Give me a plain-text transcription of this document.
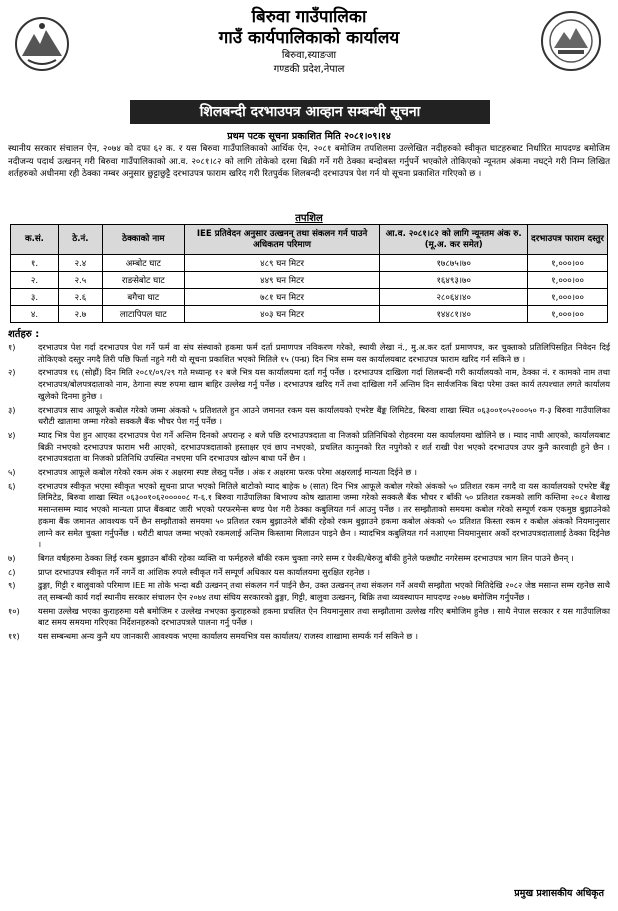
बिरुवा गाउँपालिका
गाउँ कार्यपालिकाको कार्यालय
बिरुवा,स्याङजा
गण्डकी प्रदेश,नेपाल
शिलबन्दी दरभाउपत्र आव्हान सम्बन्धी सूचना
प्रथम पटक सूचना प्रकाशित मिति २०८१।०९।१४
स्थानीय सरकार संचालन ऐन, २०७४ को दफा ६२ क. र यस बिरुवा गाउँपालिकाको आर्थिक ऐन, २०८१ बमोजिम तपशिलमा उल्लेखित नदीहरुको स्वीकृत घाटहरुबाट निर्धारित मापदण्ड बमोजिम नदीजन्य पदार्थ उत्खनन् गरी बिरुवा गाउँपालिकाको आ.व. २०८१।८२ को लागि तोकेको दरमा बिक्री गर्ने गरी ठेक्का बन्दोबस्त गर्नुपर्ने भएकोले तोकिएको न्यूनतम अंकमा नघट्ने गरी निम्न लिखित शर्तहरुको अधीनमा रही ठेक्का नम्बर अनुसार छुट्टाछुट्टै दरभाउपत्र फाराम खरिद गरी रितपुर्वक शिलबन्दी दरभाउपत्र पेश गर्न यो सूचना प्रकाशित गरिएको छ ।
तपशिल
क.सं.	ठे.नं.	ठेक्काको नाम	IEE प्रतिवेदन अनुसार उत्खनन् तथा संकलन गर्न पाउने अधिकतम परिमाण	आ.व. २०८१।८२ को लागि न्यूनतम अंक रु.(मू.अ. कर समेत)	दरभाउपत्र फाराम दस्तुर
१.	२.४	अम्बोट घाट	४८९ घन मिटर	१७८७५।७०	१,०००।००
२.	२.५	राङसेबोट घाट	४४९ घन मिटर	१६४९३।७०	१,०००।००
३.	२.६	बगैचा घाट	७८१ घन मिटर	२८०६४।४०	१,०००।००
४.	२.७	लाटापिपल घाट	४०३ घन मिटर	१४४८१।४०	१,०००।००
शर्तहरु :
१)	दरभाउपत्र पेश गर्दा दरभाउपत्र पेश गर्ने फर्म वा संघ संस्थाको हकमा फर्म दर्ता प्रमाणपत्र नविकरण गरेको, स्थायी लेखा नं., मु.अ.कर दर्ता प्रमाणपत्र, कर चुक्ताको प्रतिलिपिसहित निवेदन दिई तोकिएको दस्तुर नगदै तिरी पछि फिर्ता नहुने गरी यो सूचना प्रकाशित भएको मितिले १५ (पन्ध्र) दिन भित्र सम्म यस कार्यालयबाट दरभाउपत्र फाराम खरिद गर्न सकिने छ ।
२)	दरभाउपत्र १६ (सोह्रौं) दिन मिति २०८१/०९/२९ गते मध्यान्ह १२ बजे भित्र यस कार्यालयमा दर्ता गर्नु पर्नेछ । दरभाउपत्र दाखिला गर्दा शिलबन्दी गरी कार्यालयको नाम, ठेक्का नं. र कामको नाम तथा दरभाउपत्र/बोलपत्रदाताको नाम, ठेगाना स्पष्ट रुपमा खाम बाहिर उल्लेख गर्नु पर्नेछ । दरभाउपत्र खरिद गर्ने तथा दाखिला गर्ने अन्तिम दिन सार्वजनिक बिदा परेमा उक्त कार्य तत्पश्चात लगते कार्यालय खुलेको दिनमा हुनेछ ।
३)	दरभाउपत्र साथ आफूले कबोल गरेको जम्मा अंकको ५ प्रतिशतले हुन आउने जमानत रकम यस कार्यालयको एभरेष्ट बैंङ्क लिमिटेड, बिरुवा शाखा स्थित ०६३००१०५२०००५० ग-३ बिरुवा गाउँपालिका धरौटी खातामा जम्मा गरेको सक्कलै बैंक भौचर पेश गर्नु पर्नेछ ।
४)	म्याद भित्र पेश हुन आएका दरभाउपत्र पेश गर्ने अन्तिम दिनको अपरान्ह २ बजे पछि दरभाउपत्रदाता वा निजको प्रतिनिधिको रोहवरमा यस कार्यालयमा खोलिने छ । म्याद नाघी आएको, कार्यालयबाट बिक्री नभएको दरभाउपत्र फाराम भरी आएको, दरभाउपत्रदाताको हस्ताक्षर एवं छाप नभएको, प्रचलित कानुनको रित नपुगेको र शर्त राखी पेश भएको दरभाउपत्र उपर कुनै कारवाही हुने छैन । दरभाउपत्रदाता वा निजको प्रतिनिधि उपस्थित नभएमा पनि दरभाउपत्र खोल्न बाधा पर्ने छैन ।
५)	दरभाउपत्र आफूले कबोल गरेको रकम अंक र अक्षरमा स्पष्ट लेख्नु पर्नेछ । अंक र अक्षरमा फरक परेमा अक्षरलाई मान्यता दिईने छ ।
६)	दरभाउपत्र स्वीकृत भएमा स्वीकृत भएको सूचना प्राप्त भएको मितिले बाटोको म्याद बाहेक ७ (सात) दिन भित्र आफूले कबोल गरेको अंकको ५० प्रतिशत रकम नगदै वा यस कार्यालयको एभरेष्ट बैंङ्क लिमिटेड, बिरुवा शाखा स्थित ०६३००१०६२०००००८ ग-६.१ बिरुवा गाउँपालिका बिभाज्य कोष खातामा जम्मा गरेको सक्कलै बैंक भौचर र बाँकी ५० प्रतिशत रकमको लागि कम्तिमा २०८२ बैशाख मसान्तसम्म म्याद भएको मान्यता प्राप्त बैंकबाट जारी भएको परफरमेन्स बण्ड पेश गरी ठेक्का कबुलियत गर्न आउनु पर्नेछ । तर सम्झौताको समयमा कबोल गरेको सम्पूर्ण रकम एकमुष्ठ बुझाउनेको हकमा बैंक जमानत आवश्यक पर्ने छैन सम्झौताको समयमा ५० प्रतिशत रकम बुझाउनेले बाँकी रहेको रकम बुझाउने हकमा कबोल अंकको ५० प्रतिशत किस्ता रकम र कबोल अंकको नियमानुसार लाग्ने कर समेत चुक्ता गर्नुपर्नेछ । धरौटी बापत जम्मा भएको रकमलाई अन्तिम किस्तामा मिलाउन पाइने छैन । म्यादभित्र कबुलियत गर्न नआएमा नियमानुसार अर्को दरभाउपत्रदातालाई ठेक्का दिईनेछ ।
७)	बिगत वर्षहरुमा ठेक्का लिई रकम बुझाउन बाँकी रहेका व्यक्ति वा फर्महरुले बाँकी रकम चुक्ता नगरे सम्म र पेश्की/बेरुजु बाँकी हुनेले फछ्यौट नगरेसम्म दरभाउपत्र भाग लिन पाउने छैनन् ।
८)	प्राप्त दरभाउपत्र स्वीकृत गर्ने नगर्ने वा आंशिक रुपले स्वीकृत गर्ने सम्पूर्ण अधिकार यस कार्यालयमा सुरक्षित रहनेछ ।
९)	ढुङ्गा, गिट्टी र बालुवाको परिमाण IEE मा तोके भन्दा बढी उत्खनन् तथा संकलन गर्न पाईने छैन, उक्त उत्खनन् तथा संकलन गर्ने अवधी सम्झौता भएको मितिदेखि २०८२ जेष्ठ मसान्त सम्म रहनेछ साथै तत् सम्बन्धी कार्य गर्दा स्थानीय सरकार संचालन ऐन २०७४ तथा संघिय सरकारको ढुङ्गा, गिट्टी, बालुवा उत्खनन्, बिक्रि तथा व्यवस्थापन मापदण्ड २०७७ बमोजिम गर्नुपर्नेछ ।
१०)	यसमा उल्लेख भएका कुराहरुमा यसै बमोजिम र उल्लेख नभएका कुराहरुको हकमा प्रचलित ऐन नियमानुसार तथा सम्झौतामा उल्लेख गरिए बमोजिम हुनेछ । साथै नेपाल सरकार र यस गाउँपालिका बाट समय समयमा गरिएका निर्देशनहरुको दरभाउपत्रले पालना गर्नु पर्नेछ ।
११)	यस सम्बन्धमा अन्य कुनै थप जानकारी आवश्यक भएमा कार्यालय समयभित्र यस कार्यालय/ राजस्व शाखामा सम्पर्क गर्न सकिने छ ।
प्रमुख प्रशासकीय अधिकृत
